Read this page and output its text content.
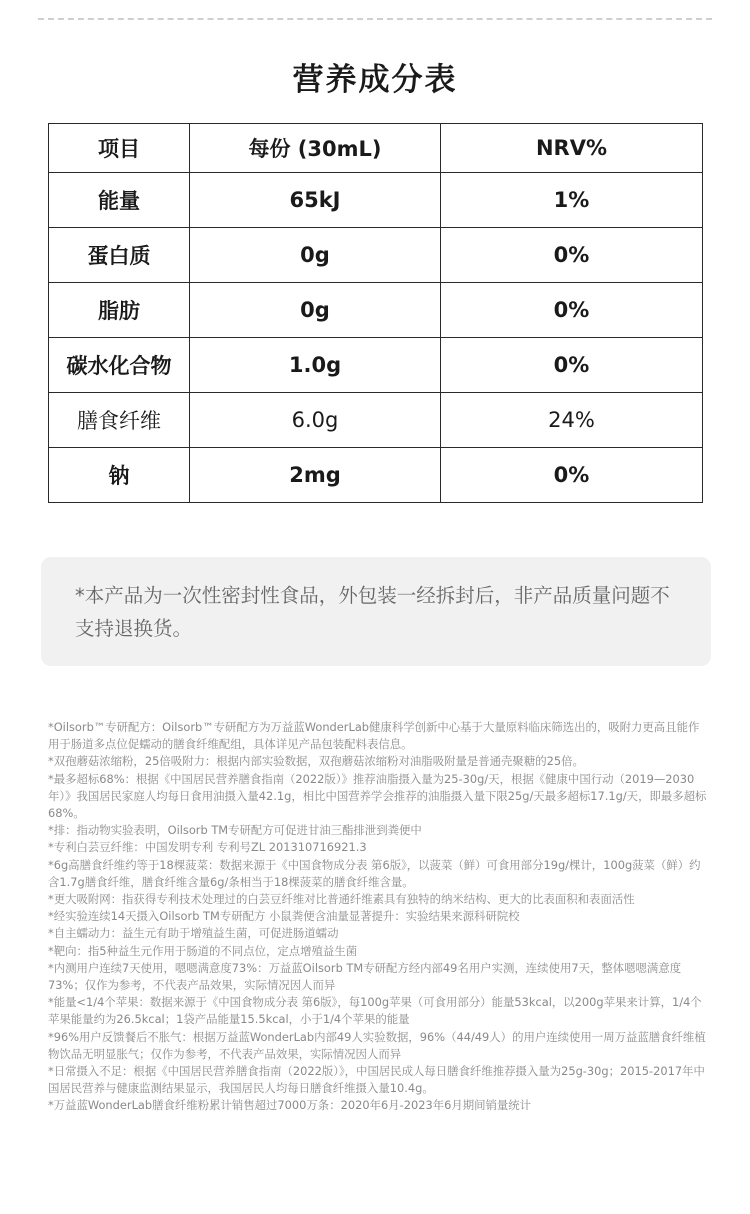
营养成分表
项目	每份 (30mL)	NRV%
能量	65kJ	1%
蛋白质	0g	0%
脂肪	0g	0%
碳水化合物	1.0g	0%
膳食纤维	6.0g	24%
钠	2mg	0%
*本产品为一次性密封性食品，外包装一经拆封后，非产品质量问题不支持退换货。

*Oilsorb™专研配方：Oilsorb™专研配方为万益蓝WonderLab健康科学创新中心基于大量原料临床筛选出的，吸附力更高且能作用于肠道多点位促蠕动的膳食纤维配组，具体详见产品包装配料表信息。

*双孢蘑菇浓缩粉，25倍吸附力：根据内部实验数据，双孢蘑菇浓缩粉对油脂吸附量是普通壳聚糖的25倍。

*最多超标68%：根据《中国居民营养膳食指南（2022版）》推荐油脂摄入量为25-30g/天，根据《健康中国行动（2019—2030年）》我国居民家庭人均每日食用油摄入量42.1g，相比中国营养学会推荐的油脂摄入量下限25g/天最多超标17.1g/天，即最多超标68%。

*排：指动物实验表明，Oilsorb TM专研配方可促进甘油三酯排泄到粪便中

*专利白芸豆纤维：中国发明专利 专利号ZL 201310716921.3

*6g高膳食纤维约等于18棵菠菜：数据来源于《中国食物成分表 第6版》，以菠菜（鲜）可食用部分19g/棵计，100g菠菜（鲜）约含1.7g膳食纤维，膳食纤维含量6g/条相当于18棵菠菜的膳食纤维含量。

*更大吸附网：指获得专利技术处理过的白芸豆纤维对比普通纤维素具有独特的纳米结构、更大的比表面积和表面活性

*经实验连续14天摄入Oilsorb TM专研配方 小鼠粪便含油量显著提升：实验结果来源科研院校

*自主蠕动力：益生元有助于增殖益生菌，可促进肠道蠕动

*靶向：指5种益生元作用于肠道的不同点位，定点增殖益生菌

*内测用户连续7天使用，嗯嗯满意度73%：万益蓝Oilsorb TM专研配方经内部49名用户实测，连续使用7天，整体嗯嗯满意度73%；仅作为参考，不代表产品效果，实际情况因人而异

*能量<1/4个苹果：数据来源于《中国食物成分表 第6版》，每100g苹果（可食用部分）能量53kcal，以200g苹果来计算，1/4个苹果能量约为26.5kcal；1袋产品能量15.5kcal，小于1/4个苹果的能量

*96%用户反馈餐后不胀气：根据万益蓝WonderLab内部49人实验数据，96%（44/49人）的用户连续使用一周万益蓝膳食纤维植物饮品无明显胀气；仅作为参考，不代表产品效果，实际情况因人而异

*日常摄入不足：根据《中国居民营养膳食指南（2022版）》，中国居民成人每日膳食纤维推荐摄入量为25g-30g；2015-2017年中国居民营养与健康监测结果显示，我国居民人均每日膳食纤维摄入量10.4g。

*万益蓝WonderLab膳食纤维粉累计销售超过7000万条：2020年6月-2023年6月期间销量统计
